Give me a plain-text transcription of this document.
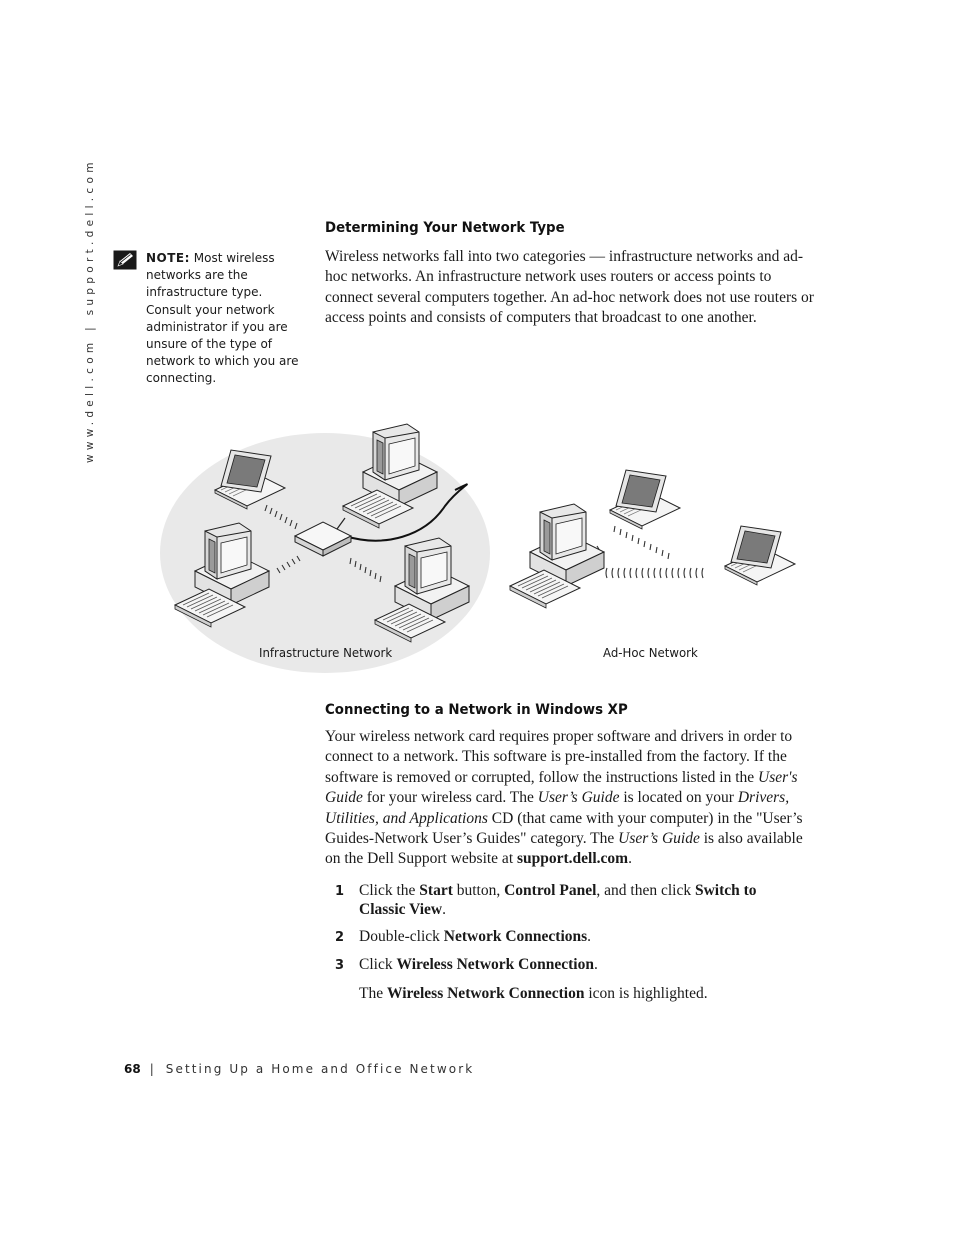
www.dell.com | support.dell.com	NOTE: Most wireless networks are the infrastructure type. Consult your network administrator if you are unsure of the type of network to which you are connecting.
Determining Your Network Type
Wireless networks fall into two categories — infrastructure networks and ad-hoc networks. An infrastructure network uses routers or access points to connect several computers together. An ad-hoc network does not use routers or access points and consists of computers that broadcast to one another.
Infrastructure Network	Ad-Hoc Network
Connecting to a Network in Windows XP
Your wireless network card requires proper software and drivers in order to connect to a network. This software is pre-installed from the factory. If the software is removed or corrupted, follow the instructions listed in the User's Guide for your wireless card. The User’s Guide is located on your Drivers, Utilities, and Applications CD (that came with your computer) in the "User’s Guides-Network User’s Guides" category. The User’s Guide is also available on the Dell Support website at support.dell.com.
1 Click the Start button, Control Panel, and then click Switch to Classic View.
2 Double-click Network Connections.
3 Click Wireless Network Connection.
The Wireless Network Connection icon is highlighted.
68 | Setting Up a Home and Office Network
